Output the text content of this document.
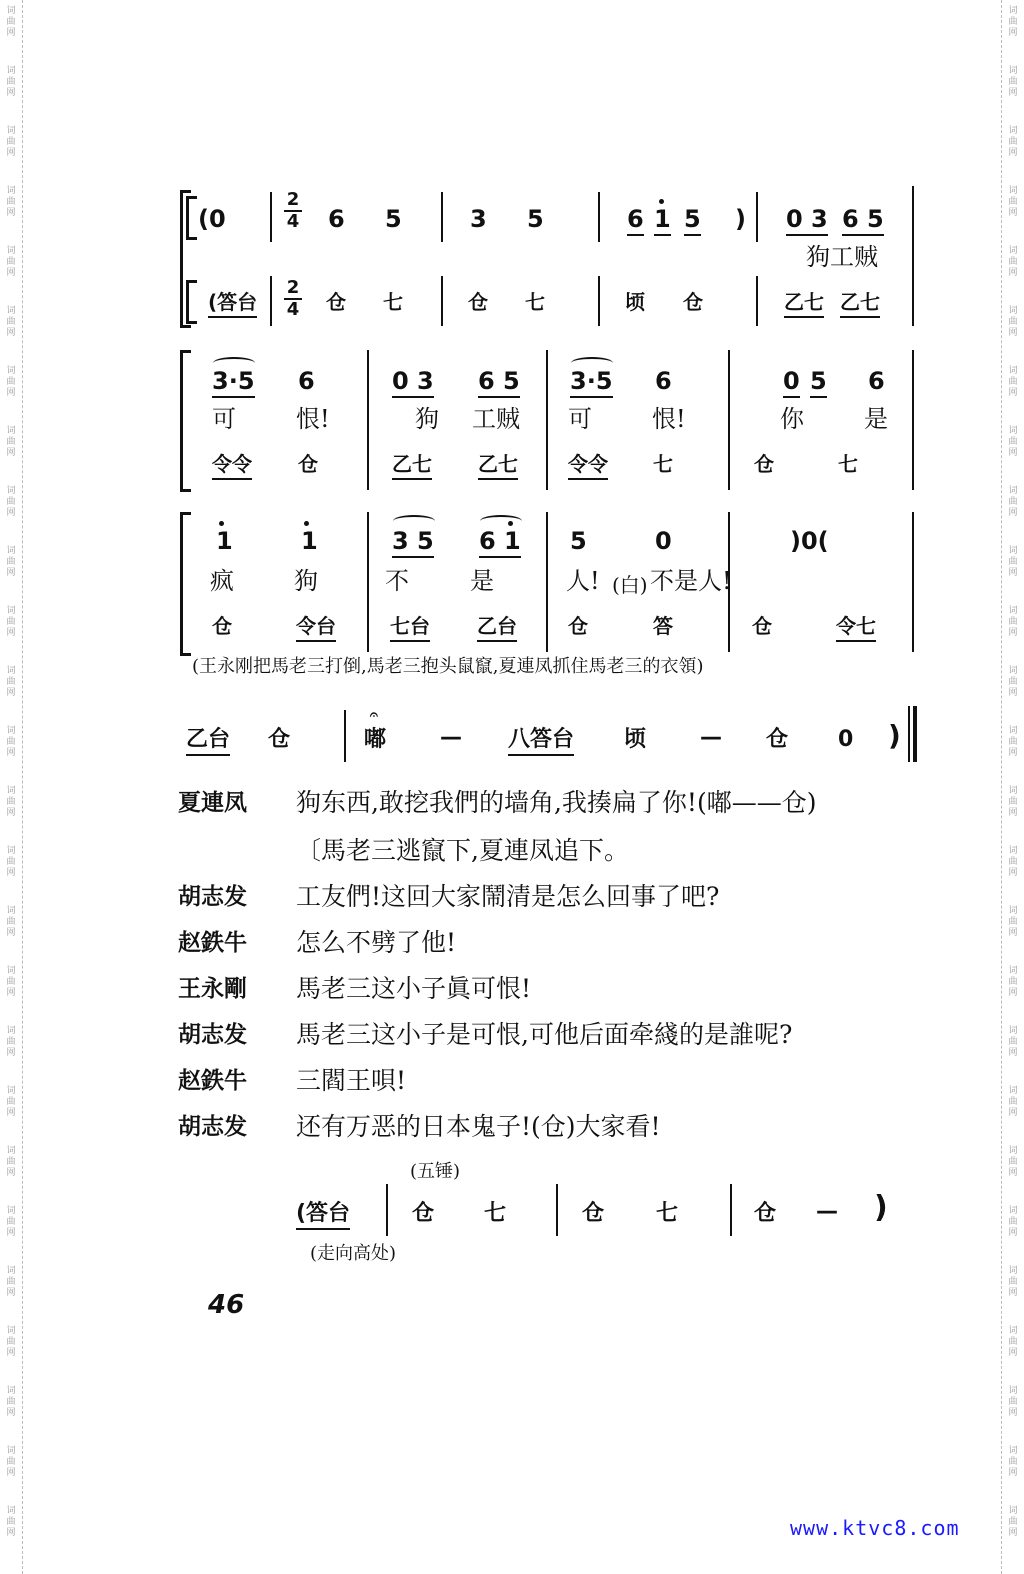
词
曲
网
词
曲
网
词
曲
网
词
曲
网
词
曲
网
词
曲
网
词
曲
网
词
曲
网
词
曲
网
词
曲
网
词
曲
网
词
曲
网
词
曲
网
词
曲
网
词
曲
网
词
曲
网
词
曲
网
词
曲
网
词
曲
网
词
曲
网
词
曲
网
词
曲
网
词
曲
网
词
曲
网
词
曲
网
词
曲
网
词
曲
网
词
曲
网
词
曲
网
词
曲
网
词
曲
网
词
曲
网
词
曲
网
词
曲
网
词
曲
网
词
曲
网
词
曲
网
词
曲
网
词
曲
网
词
曲
网
词
曲
网
词
曲
网
词
曲
网
词
曲
网
词
曲
网
词
曲
网
词
曲
网
词
曲
网
词
曲
网
词
曲
网
词
曲
网
词
曲
网
(0
2
4 6 5	3 5	6 1 5 ) 0 3 6 5
狗工贼
(答台
2
4 仓 七	仓 七	顷 仓	乙七 乙七
3·5 6	0 3 6 5 3·5 6	0 5 6
可	恨!	狗 工贼 可	恨!	你	是
令令 仓	乙七 乙七	令令 七	仓	七
1	1	3 5 6 1 5	0	)0(
疯	狗	不	是	人! (白) 不是人!
仓	令台	七台 乙台	仓	答	仓	令七
(王永刚把馬老三打倒,馬老三抱头鼠竄,夏連凤抓住馬老三的衣領)
乙台 仓
𝄐
嘟 — 八答台 顷 — 仓 0 )
夏連凤	狗东西,敢挖我們的墙角,我揍扁了你!(嘟——仓)
〔馬老三逃竄下,夏連凤追下。
胡志发	工友們!这回大家鬧清是怎么回事了吧?
赵鉄牛	怎么不劈了他!
王永剛	馬老三这小子眞可恨!
胡志发	馬老三这小子是可恨,可他后面牵綫的是誰呢?
赵鉄牛	三閻王唄!
胡志发	还有万恶的日本鬼子!(仓)大家看!
(五锤)
(答台	仓 七	仓 七	仓 — )
(走向高处)
46
www.ktvc8.com
